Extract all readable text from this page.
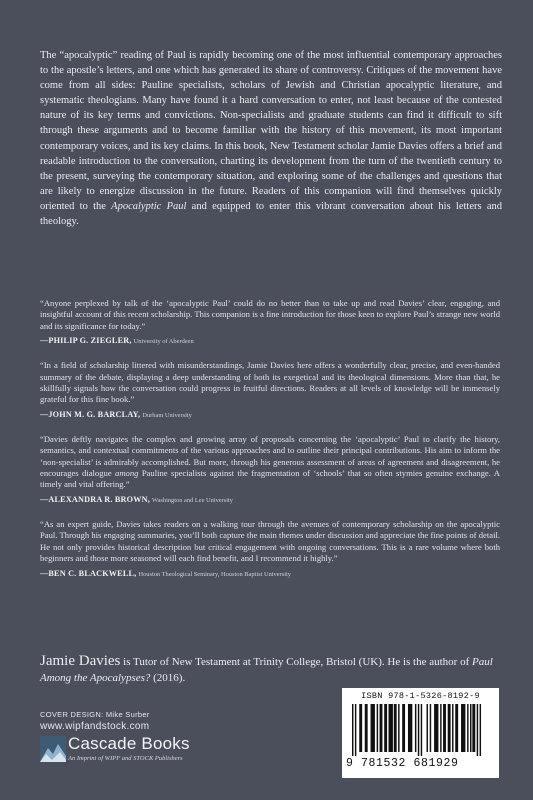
The “apocalyptic” reading of Paul is rapidly becoming one of the most influential contemporary approaches to the apostle’s letters, and one which has generated its share of controversy. Critiques of the movement have come from all sides: Pauline specialists, scholars of Jewish and Christian apocalyptic literature, and systematic theologians. Many have found it a hard conversation to enter, not least because of the contested nature of its key terms and convictions. Non-specialists and graduate students can find it difficult to sift through these arguments and to become familiar with the history of this movement, its most important contemporary voices, and its key claims. In this book, New Testament scholar Jamie Davies offers a brief and readable introduction to the conversation, charting its development from the turn of the twentieth century to the present, surveying the contemporary situation, and exploring some of the challenges and questions that are likely to energize discussion in the future. Readers of this companion will find themselves quickly oriented to the Apocalyptic Paul and equipped to enter this vibrant conversation about his letters and theology.

“Anyone perplexed by talk of the ‘apocalyptic Paul’ could do no better than to take up and read Davies’ clear, engaging, and insightful account of this recent scholarship. This companion is a fine introduction for those keen to explore Paul’s strange new world and its significance for today.”

—PHILIP G. ZIEGLER, University of Aberdeen

“In a field of scholarship littered with misunderstandings, Jamie Davies here offers a wonderfully clear, precise, and even-handed summary of the debate, displaying a deep understanding of both its exegetical and its theological dimensions. More than that, he skillfully signals how the conversation could progress in fruitful directions. Readers at all levels of knowledge will be immensely grateful for this fine book.”

—JOHN M. G. BARCLAY, Durham University

“Davies deftly navigates the complex and growing array of proposals concerning the ‘apocalyptic’ Paul to clarify the history, semantics, and contextual commitments of the various approaches and to outline their principal contributions. His aim to inform the ‘non-specialist’ is admirably accomplished. But more, through his generous assessment of areas of agreement and disagreement, he encourages dialogue among Pauline specialists against the fragmentation of ‘schools’ that so often stymies genuine exchange. A timely and vital offering.”

—ALEXANDRA R. BROWN, Washington and Lee University

“As an expert guide, Davies takes readers on a walking tour through the avenues of contemporary scholarship on the apocalyptic Paul. Through his engaging summaries, you’ll both capture the main themes under discussion and appreciate the fine points of detail. He not only provides historical description but critical engagement with ongoing conversations. This is a rare volume where both beginners and those more seasoned will each find benefit, and I recommend it highly.”

—BEN C. BLACKWELL, Houston Theological Seminary, Houston Baptist University
Jamie Davies is Tutor of New Testament at Trinity College, Bristol (UK). He is the author of Paul Among the Apocalypses? (2016).
COVER DESIGN: Mike Surber
www.wipfandstock.com
Cascade Books
An Imprint of WIPF and STOCK Publishers
ISBN 978-1-5326-8192-9
9 781532 681929
